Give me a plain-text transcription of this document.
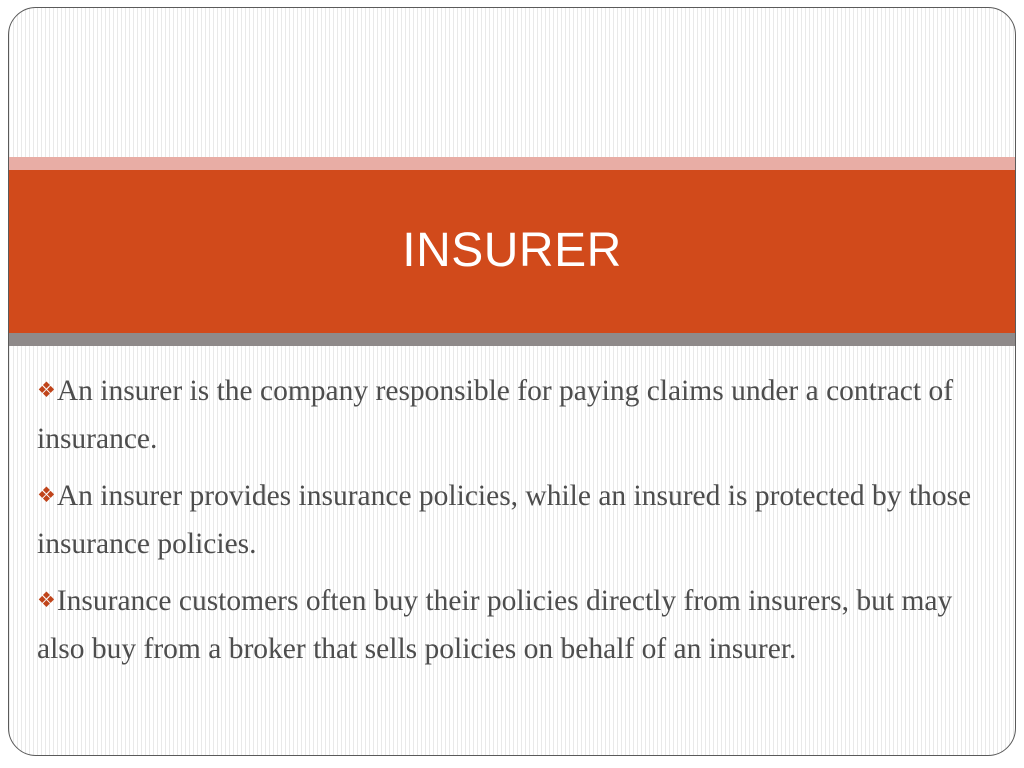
INSURER
❖An insurer is the company responsible for paying claims under a contract of insurance.
❖An insurer provides insurance policies, while an insured is protected by those insurance policies.
❖Insurance customers often buy their policies directly from insurers, but may also buy from a broker that sells policies on behalf of an insurer.
